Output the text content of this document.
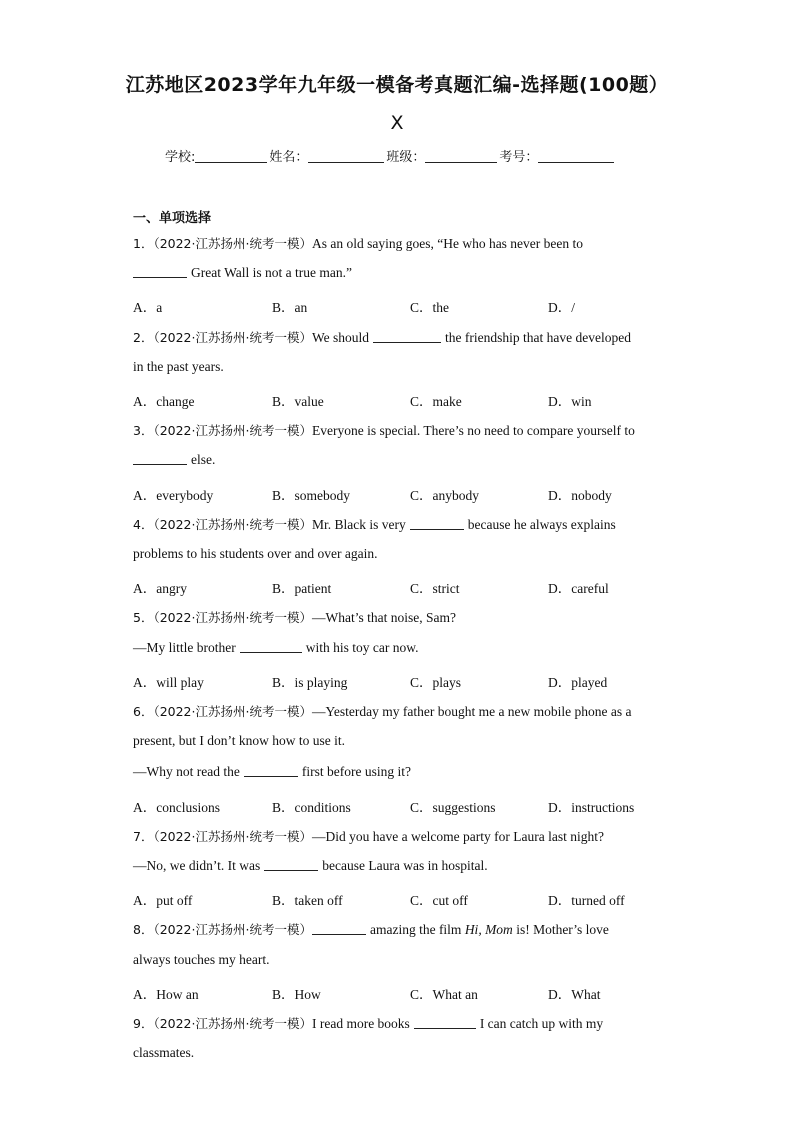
江苏地区2023学年九年级一模备考真题汇编-选择题(100题）
X
学校:	姓名：	班级：	考号：
一、单项选择
1．（2022·江苏扬州·统考一模）As an old saying goes, “He who has never been to
Great Wall is not a true man.”
A．a	B．an	C．the	D．/
2．（2022·江苏扬州·统考一模）We should	the friendship that have developed
in the past years.
A．change	B．value	C．make	D．win
3．（2022·江苏扬州·统考一模）Everyone is special. There’s no need to compare yourself to
else.
A．everybody	B．somebody	C．anybody	D．nobody
4．（2022·江苏扬州·统考一模）Mr. Black is very	because he always explains
problems to his students over and over again.
A．angry	B．patient	C．strict	D．careful
5．（2022·江苏扬州·统考一模）—What’s that noise, Sam?
—My little brother	with his toy car now.
A．will play	B．is playing	C．plays	D．played
6．（2022·江苏扬州·统考一模）—Yesterday my father bought me a new mobile phone as a
present, but I don’t know how to use it.
—Why not read the	first before using it?
A．conclusions	B．conditions	C．suggestions	D．instructions
7．（2022·江苏扬州·统考一模）—Did you have a welcome party for Laura last night?
—No, we didn’t. It was	because Laura was in hospital.
A．put off	B．taken off	C．cut off	D．turned off
8．（2022·江苏扬州·统考一模）	amazing the film Hi, Mom is! Mother’s love
always touches my heart.
A．How an	B．How	C．What an	D．What
9．（2022·江苏扬州·统考一模）I read more books	I can catch up with my
classmates.
